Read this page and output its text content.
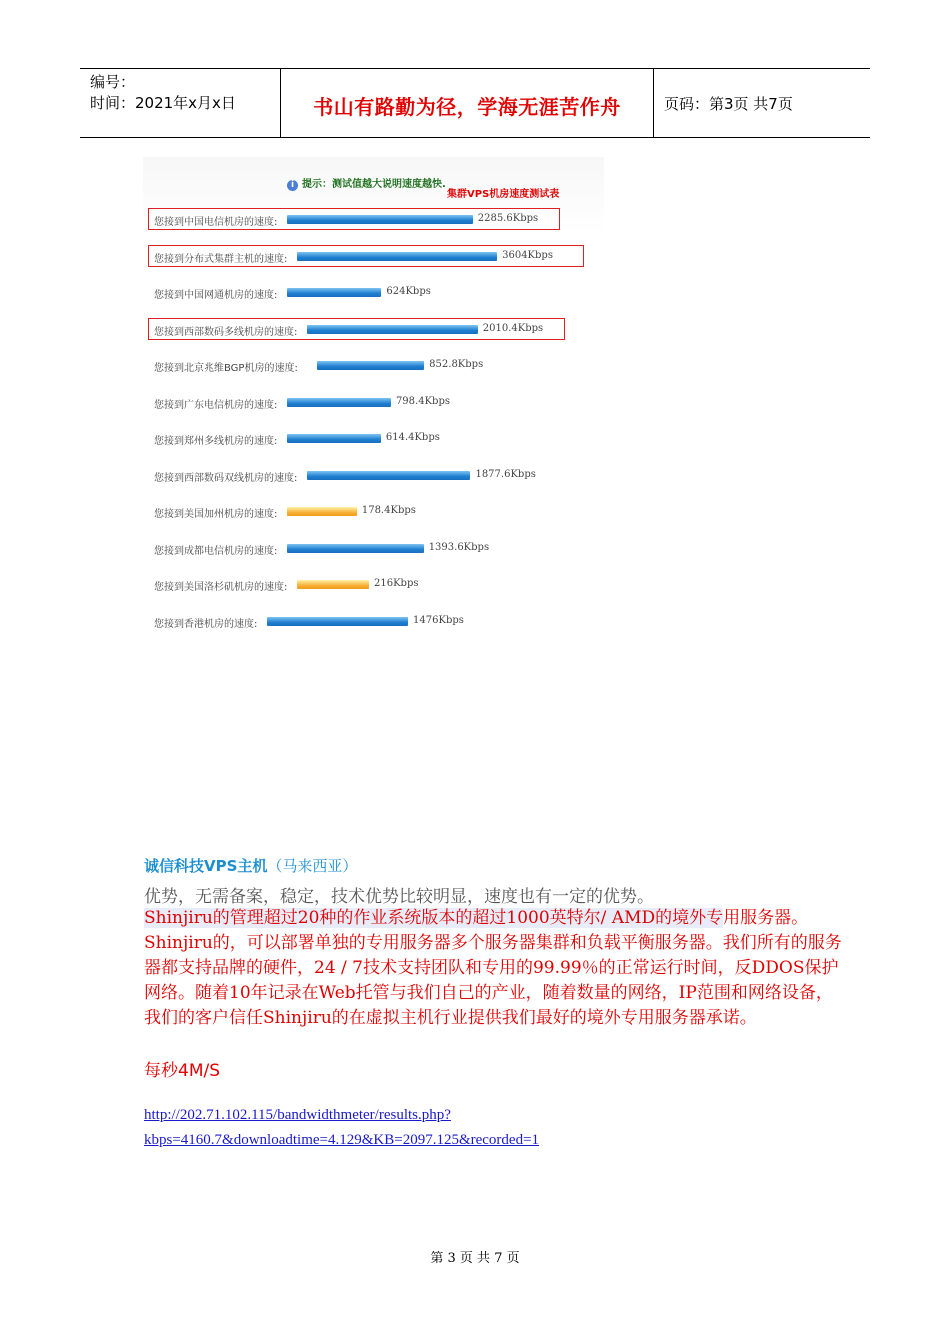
编号：
时间：2021年x月x日	书山有路勤为径，学海无涯苦作舟	页码：第3页 共7页
i 提示：测试值越大说明速度越快.
集群VPS机房速度测试表
您接到中国电信机房的速度:	2285.6Kbps
您接到分布式集群主机的速度:	3604Kbps
您接到中国网通机房的速度:	624Kbps
您接到西部数码多线机房的速度:	2010.4Kbps
您接到北京兆维BGP机房的速度:	852.8Kbps
您接到广东电信机房的速度:	798.4Kbps
您接到郑州多线机房的速度:	614.4Kbps
您接到西部数码双线机房的速度:	1877.6Kbps
您接到美国加州机房的速度:	178.4Kbps
您接到成都电信机房的速度:	1393.6Kbps
您接到美国洛杉矶机房的速度:	216Kbps
您接到香港机房的速度:	1476Kbps
诚信科技VPS主机（马来西亚）
优势，无需备案，稳定，技术优势比较明显，速度也有一定的优势。
Shinjiru的管理超过20种的作业系统版本的超过1000英特尔/ AMD的境外专用服务器。Shinjiru的，可以部署单独的专用服务器多个服务器集群和负载平衡服务器。我们所有的服务器都支持品牌的硬件，24 / 7技术支持团队和专用的99.99％的正常运行时间，反DDOS保护网络。随着10年记录在Web托管与我们自己的产业，随着数量的网络，IP范围和网络设备，我们的客户信任Shinjiru的在虚拟主机行业提供我们最好的境外专用服务器承诺。
每秒4M/S
http://202.71.102.115/bandwidthmeter/results.php?
kbps=4160.7&downloadtime=4.129&KB=2097.125&recorded=1
第 3 页 共 7 页
